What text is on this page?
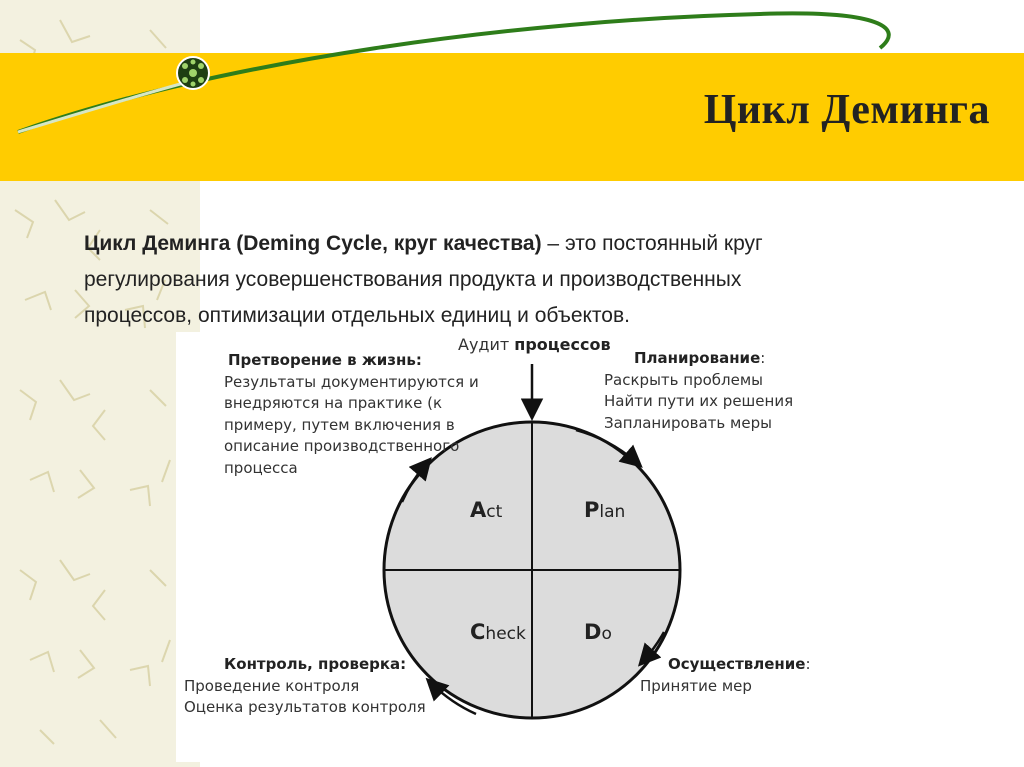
Цикл Деминга
Цикл Деминга (Deming Cycle, круг качества) – это постоянный круг
регулирования усовершенствования продукта и производственных
процессов, оптимизации отдельных единиц и объектов.
Аудит процессов
Претворение в жизнь:
Результаты документируются и
внедряются на практике (к
примеру, путем включения в
описание производственного
процесса
Планирование:
Раскрыть проблемы
Найти пути их решения
Запланировать меры
Контроль, проверка:
Проведение контроля
Оценка результатов контроля
Осуществление:
Принятие мер
Act	Plan
Check	Do
